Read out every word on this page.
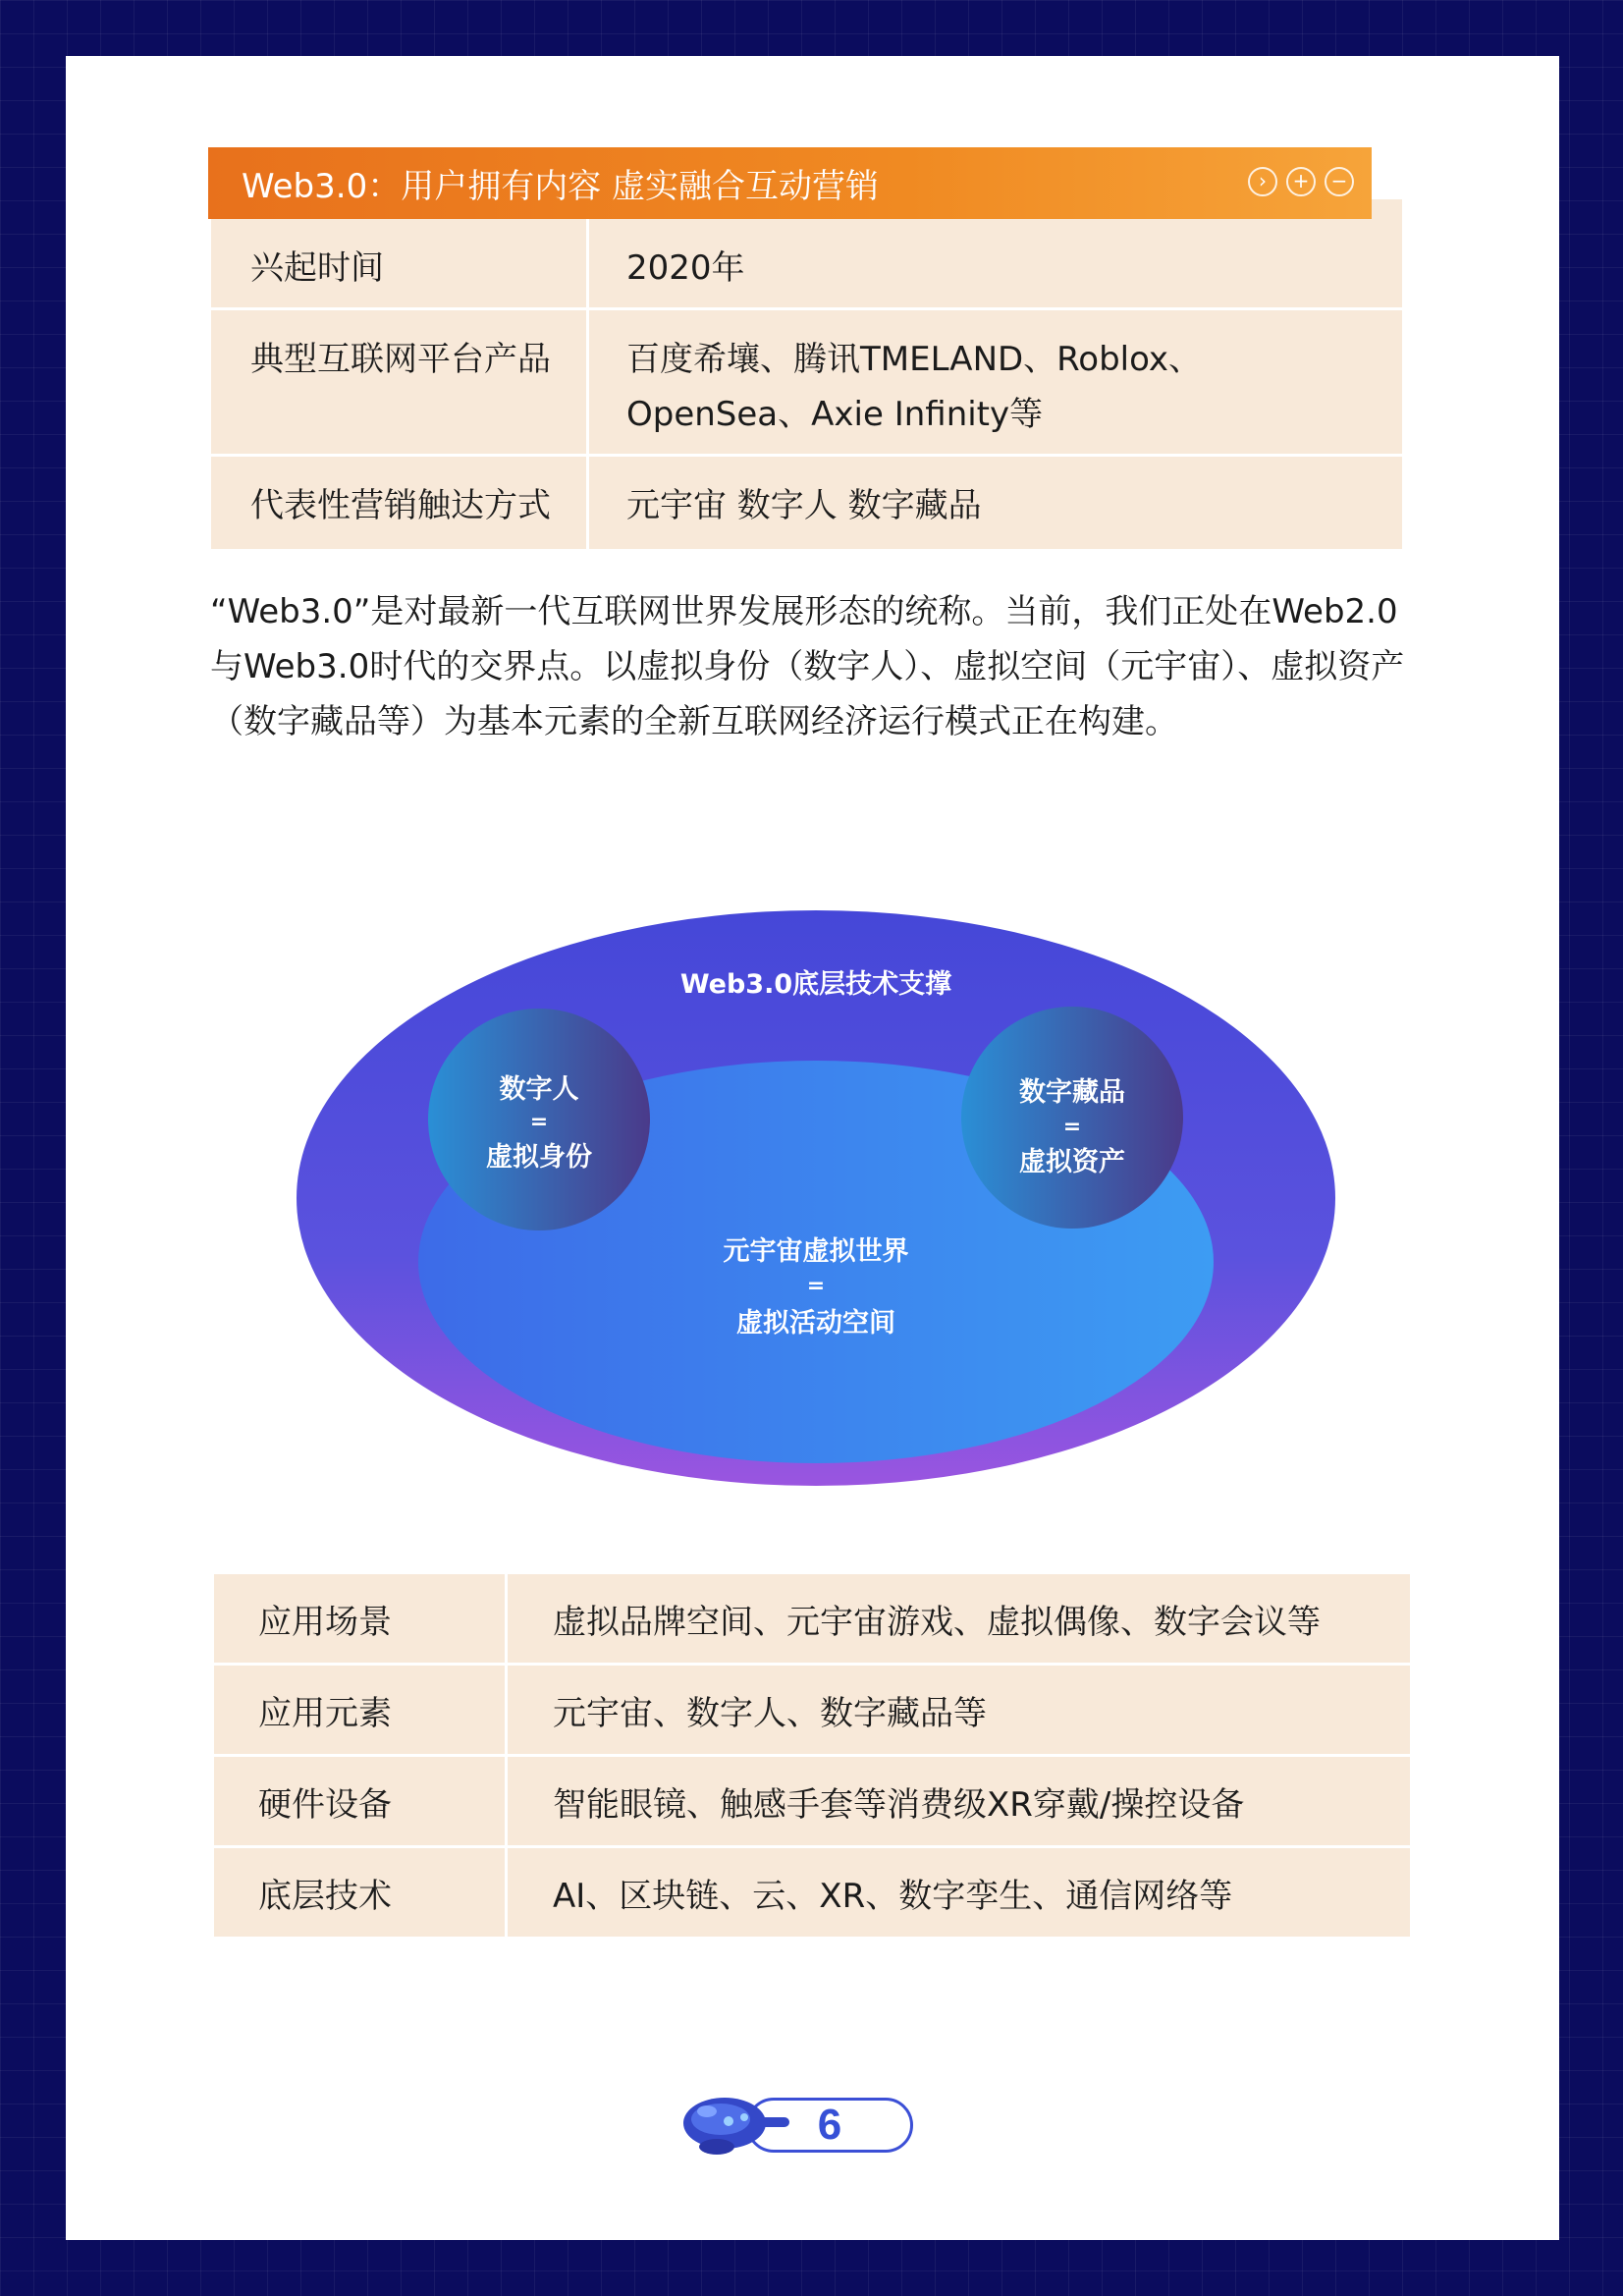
兴起时间	2020年
典型互联网平台产品	百度希壤、腾讯TMELAND、Roblox、OpenSea、Axie Infinity等
代表性营销触达方式	元宇宙 数字人 数字藏品
Web3.0：用户拥有内容 虚实融合互动营销	›	+	−

“Web3.0”是对最新一代互联网世界发展形态的统称。当前，我们正处在Web2.0与Web3.0时代的交界点。以虚拟身份（数字人）、虚拟空间（元宇宙）、虚拟资产（数字藏品等）为基本元素的全新互联网经济运行模式正在构建。

Web3.0底层技术支撑
数字人
=
虚拟身份
数字藏品
=
虚拟资产
元宇宙虚拟世界
=
虚拟活动空间
应用场景	虚拟品牌空间、元宇宙游戏、虚拟偶像、数字会议等
应用元素	元宇宙、数字人、数字藏品等
硬件设备	智能眼镜、触感手套等消费级XR穿戴/操控设备
底层技术	AI、区块链、云、XR、数字孪生、通信网络等
6
